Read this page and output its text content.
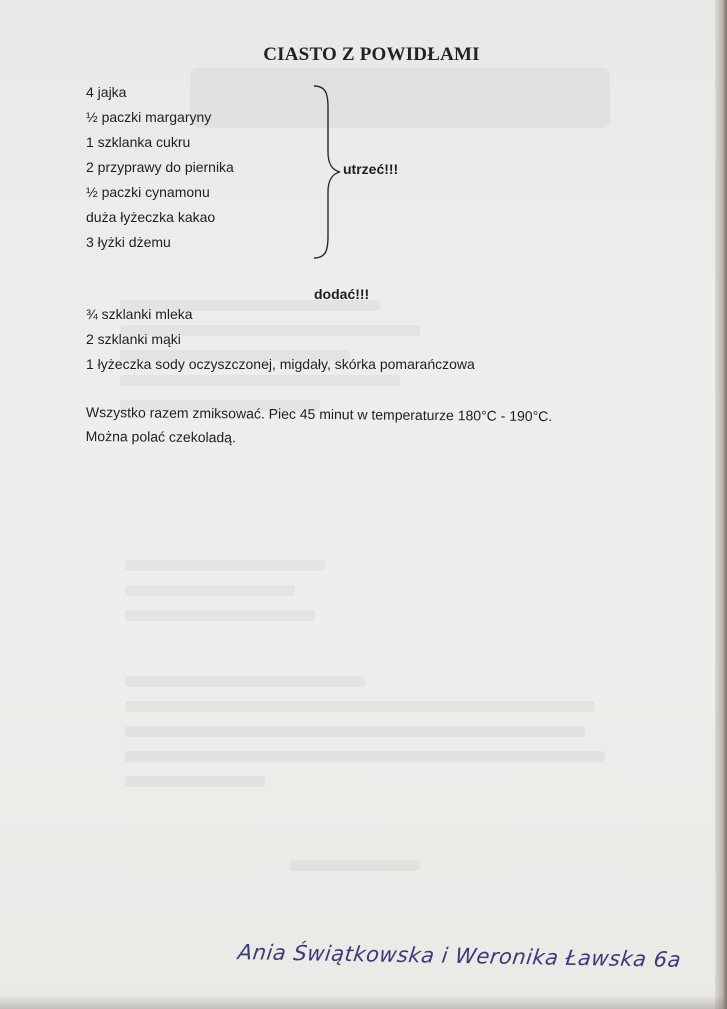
CIASTO Z POWIDŁAMI
4 jajka
½ paczki margaryny
1 szklanka cukru
2 przyprawy do piernika
½ paczki cynamonu
duża łyżeczka kakao
3 łyżki dżemu
utrzeć!!!
dodać!!!
¾ szklanki mleka
2 szklanki mąki
1 łyżeczka sody oczyszczonej, migdały, skórka pomarańczowa
Wszystko razem zmiksować. Piec 45 minut w temperaturze 180°C - 190°C.
Można polać czekoladą.
Ania Świątkowska i Weronika Ławska 6a
